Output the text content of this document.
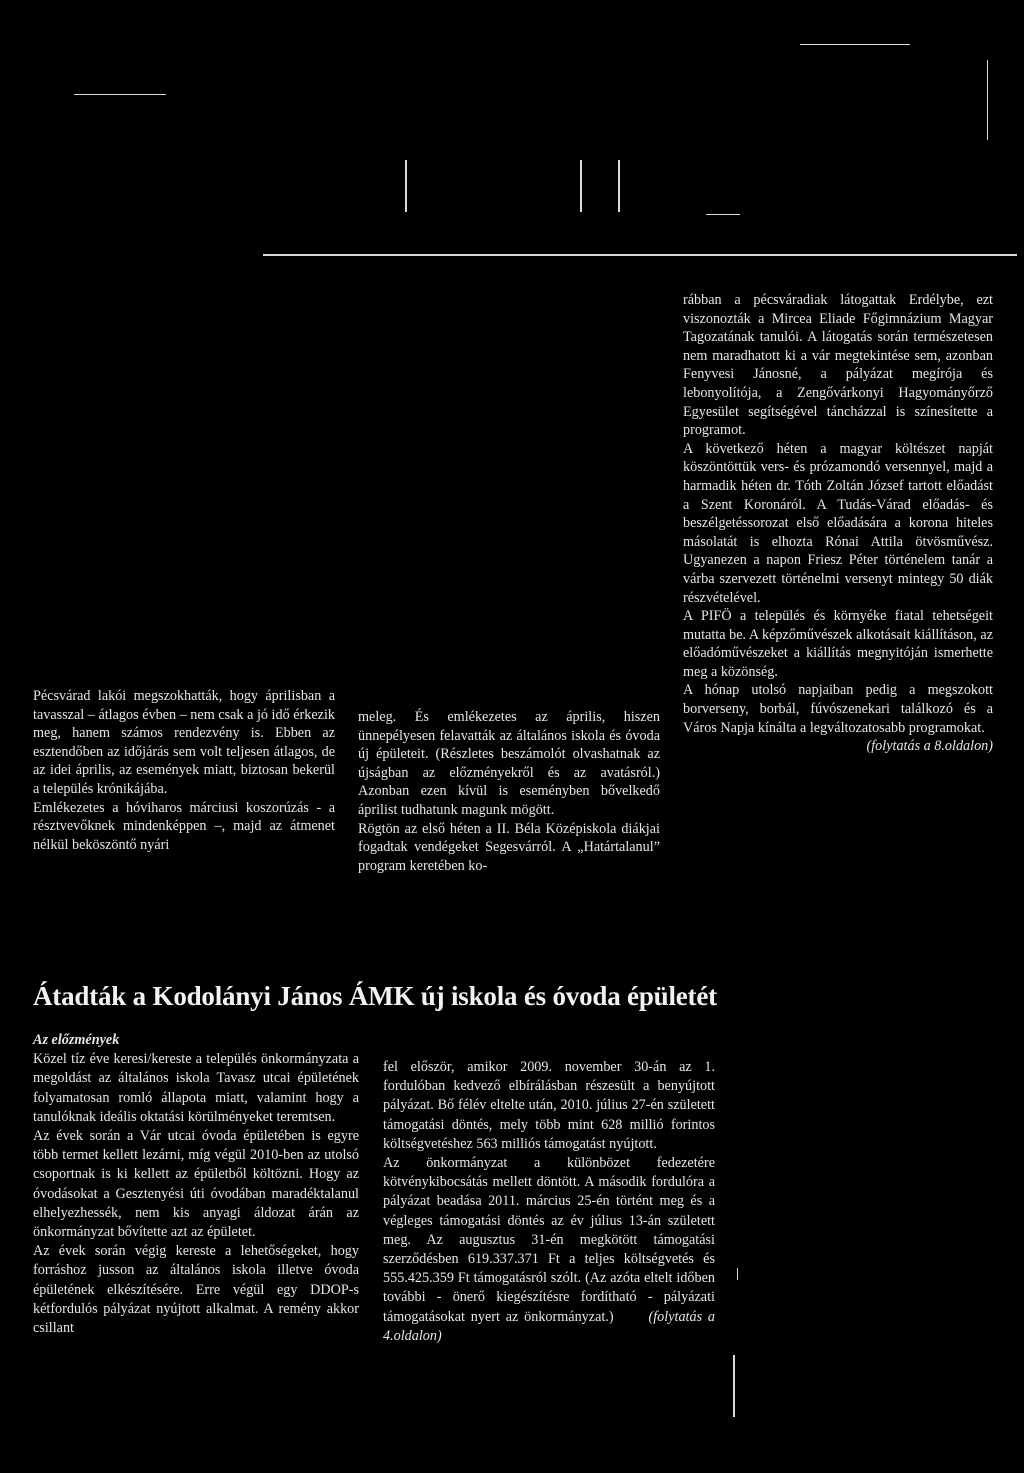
Pécsvárad lakói megszokhatták, hogy áprilisban a tavasszal – átlagos évben – nem csak a jó idő érkezik meg, hanem számos rendezvény is. Ebben az esztendőben az időjárás sem volt teljesen átlagos, de az idei április, az események miatt, biztosan bekerül a település krónikájába.

Emlékezetes a hóviharos márciusi koszorúzás - a résztvevőknek mindenképpen –, majd az átmenet nélkül beköszöntő nyári

meleg. És emlékezetes az április, hiszen ünnepélyesen felavatták az általános iskola és óvoda új épületeit. (Részletes beszámolót olvashatnak az újságban az előzményekről és az avatásról.) Azonban ezen kívül is eseményben bővelkedő áprilist tudhatunk magunk mögött.

Rögtön az első héten a II. Béla Középiskola diákjai fogadtak vendégeket Segesvárról. A „Határtalanul” program keretében ko-

rábban a pécsváradiak látogattak Erdélybe, ezt viszonozták a Mircea Eliade Főgimnázium Magyar Tagozatának tanulói. A látogatás során természetesen nem maradhatott ki a vár megtekintése sem, azonban Fenyvesi Jánosné, a pályázat megírója és lebonyolítója, a Zengővárkonyi Hagyományőrző Egyesület segítségével táncházzal is színesítette a programot.

A következő héten a magyar költészet napját köszöntöttük vers- és prózamondó versennyel, majd a harmadik héten dr. Tóth Zoltán József tartott előadást a Szent Koronáról. A Tudás-Várad előadás- és beszélgetéssorozat első előadására a korona hiteles másolatát is elhozta Rónai Attila ötvösművész. Ugyanezen a napon Friesz Péter történelem tanár a várba szervezett történelmi versenyt mintegy 50 diák részvételével.

A PIFÖ a település és környéke fiatal tehetségeit mutatta be. A képzőművészek alkotásait kiállításon, az előadóművészeket a kiállítás megnyitóján ismerhette meg a közönség.

A hónap utolsó napjaiban pedig a megszokott borverseny, borbál, fúvószenekari találkozó és a Város Napja kínálta a legváltozatosabb programokat.

(folytatás a 8.oldalon)

Átadták a Kodolányi János ÁMK új iskola és óvoda épületét

Az előzmények

Közel tíz éve keresi/kereste a település önkormányzata a megoldást az általános iskola Tavasz utcai épületének folyamatosan romló állapota miatt, valamint hogy a tanulóknak ideális oktatási körülményeket teremtsen.

Az évek során a Vár utcai óvoda épületében is egyre több termet kellett lezárni, míg végül 2010-ben az utolsó csoportnak is ki kellett az épületből költözni. Hogy az óvodásokat a Gesztenyési úti óvodában maradéktalanul elhelyezhessék, nem kis anyagi áldozat árán az önkormányzat bővítette azt az épületet.

Az évek során végig kereste a lehetőségeket, hogy forráshoz jusson az általános iskola illetve óvoda épületének elkészítésére. Erre végül egy DDOP-s kétfordulós pályázat nyújtott alkalmat. A remény akkor csillant

fel először, amikor 2009. november 30-án az 1. fordulóban kedvező elbírálásban részesült a benyújtott pályázat. Bő félév eltelte után, 2010. július 27-én született támogatási döntés, mely több mint 628 millió forintos költségvetéshez 563 milliós támogatást nyújtott.

Az önkormányzat a különbözet fedezetére kötvénykibocsátás mellett döntött. A második fordulóra a pályázat beadása 2011. március 25-én történt meg és a végleges támogatási döntés az év július 13-án született meg. Az augusztus 31-én megkötött támogatási szerződésben 619.337.371 Ft a teljes költségvetés és 555.425.359 Ft támogatásról szólt. (Az azóta eltelt időben további - önerő kiegészítésre fordítható - pályázati támogatásokat nyert az önkormányzat.) (folytatás a 4.oldalon)
